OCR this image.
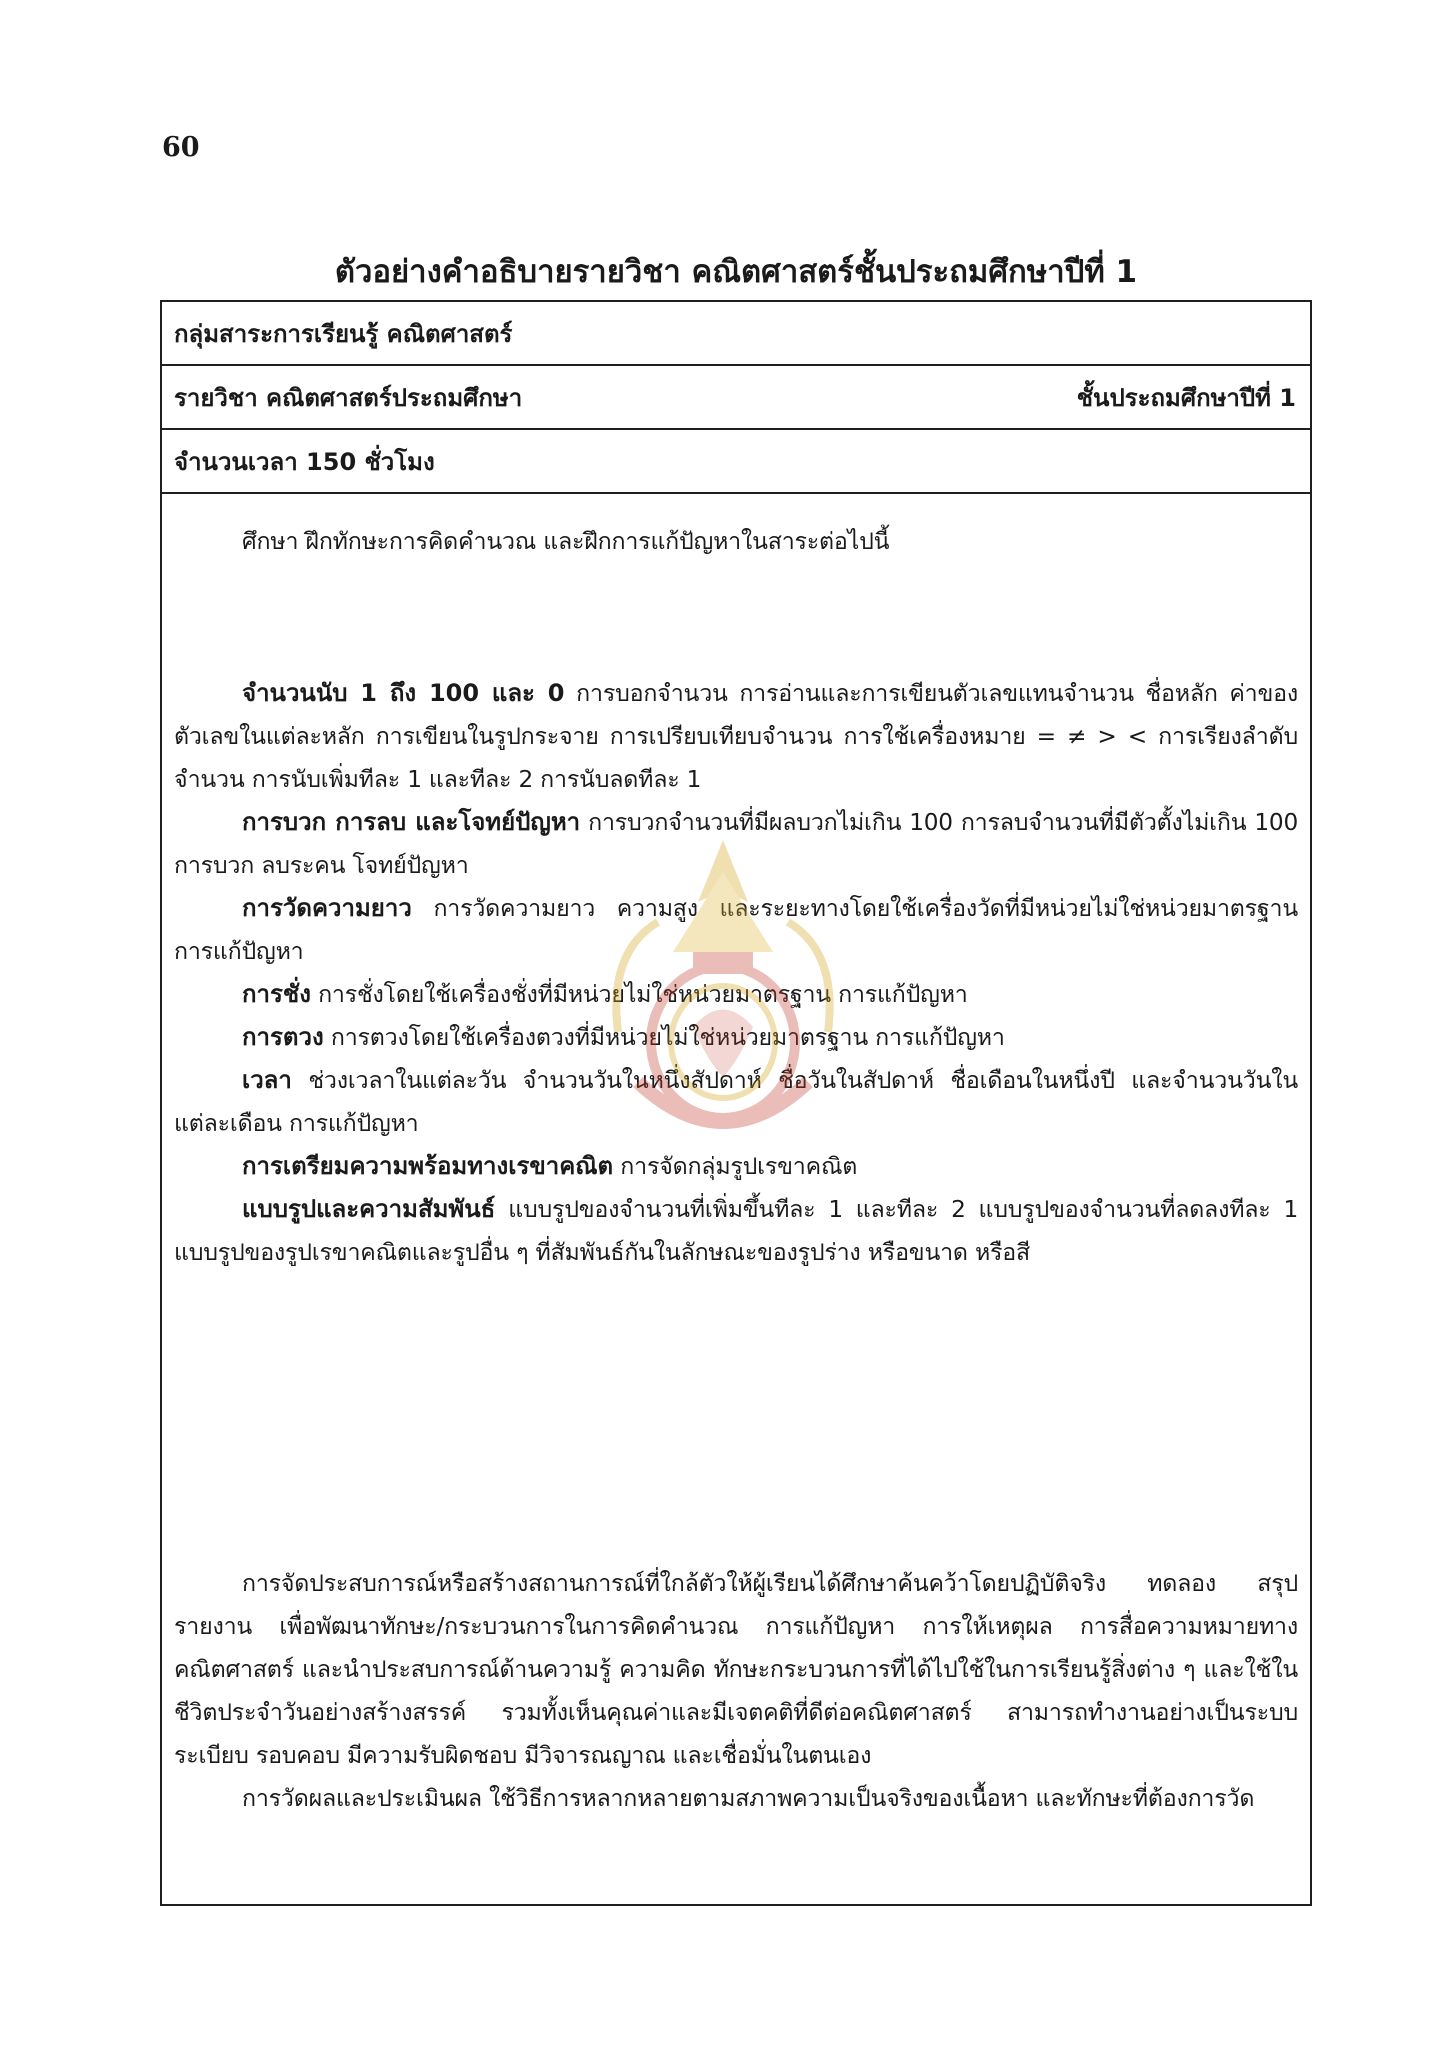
60
ตัวอย่างคำอธิบายรายวิชา คณิตศาสตร์ชั้นประถมศึกษาปีที่ 1
กลุ่มสาระการเรียนรู้ คณิตศาสตร์
รายวิชา คณิตศาสตร์ประถมศึกษา	ชั้นประถมศึกษาปีที่ 1
จำนวนเวลา 150 ชั่วโมง

ศึกษา ฝึกทักษะการคิดคำนวณ และฝึกการแก้ปัญหาในสาระต่อไปนี้

จำนวนนับ 1 ถึง 100 และ 0 การบอกจำนวน การอ่านและการเขียนตัวเลขแทนจำนวน ชื่อหลัก ค่าของตัวเลขในแต่ละหลัก การเขียนในรูปกระจาย การเปรียบเทียบจำนวน การใช้เครื่องหมาย = ≠ > < การเรียงลำดับจำนวน การนับเพิ่มทีละ 1 และทีละ 2 การนับลดทีละ 1

การบวก การลบ และโจทย์ปัญหา การบวกจำนวนที่มีผลบวกไม่เกิน 100 การลบจำนวนที่มีตัวตั้งไม่เกิน 100 การบวก ลบระคน โจทย์ปัญหา

การวัดความยาว การวัดความยาว ความสูง และระยะทางโดยใช้เครื่องวัดที่มีหน่วยไม่ใช่หน่วยมาตรฐาน การแก้ปัญหา

การชั่ง การชั่งโดยใช้เครื่องชั่งที่มีหน่วยไม่ใช่หน่วยมาตรฐาน การแก้ปัญหา

การตวง การตวงโดยใช้เครื่องตวงที่มีหน่วยไม่ใช่หน่วยมาตรฐาน การแก้ปัญหา

เวลา ช่วงเวลาในแต่ละวัน จำนวนวันในหนึ่งสัปดาห์ ชื่อวันในสัปดาห์ ชื่อเดือนในหนึ่งปี และจำนวนวันในแต่ละเดือน การแก้ปัญหา

การเตรียมความพร้อมทางเรขาคณิต การจัดกลุ่มรูปเรขาคณิต

แบบรูปและความสัมพันธ์ แบบรูปของจำนวนที่เพิ่มขึ้นทีละ 1 และทีละ 2 แบบรูปของจำนวนที่ลดลงทีละ 1 แบบรูปของรูปเรขาคณิตและรูปอื่น ๆ ที่สัมพันธ์กันในลักษณะของรูปร่าง หรือขนาด หรือสี

การจัดประสบการณ์หรือสร้างสถานการณ์ที่ใกล้ตัวให้ผู้เรียนได้ศึกษาค้นคว้าโดยปฏิบัติจริง ทดลอง สรุป รายงาน เพื่อพัฒนาทักษะ/กระบวนการในการคิดคำนวณ การแก้ปัญหา การให้เหตุผล การสื่อความหมายทางคณิตศาสตร์ และนำประสบการณ์ด้านความรู้ ความคิด ทักษะกระบวนการที่ได้ไปใช้ในการเรียนรู้สิ่งต่าง ๆ และใช้ในชีวิตประจำวันอย่างสร้างสรรค์ รวมทั้งเห็นคุณค่าและมีเจตคติที่ดีต่อคณิตศาสตร์ สามารถทำงานอย่างเป็นระบบระเบียบ รอบคอบ มีความรับผิดชอบ มีวิจารณญาณ และเชื่อมั่นในตนเอง

การวัดผลและประเมินผล ใช้วิธีการหลากหลายตามสภาพความเป็นจริงของเนื้อหา และทักษะที่ต้องการวัด
